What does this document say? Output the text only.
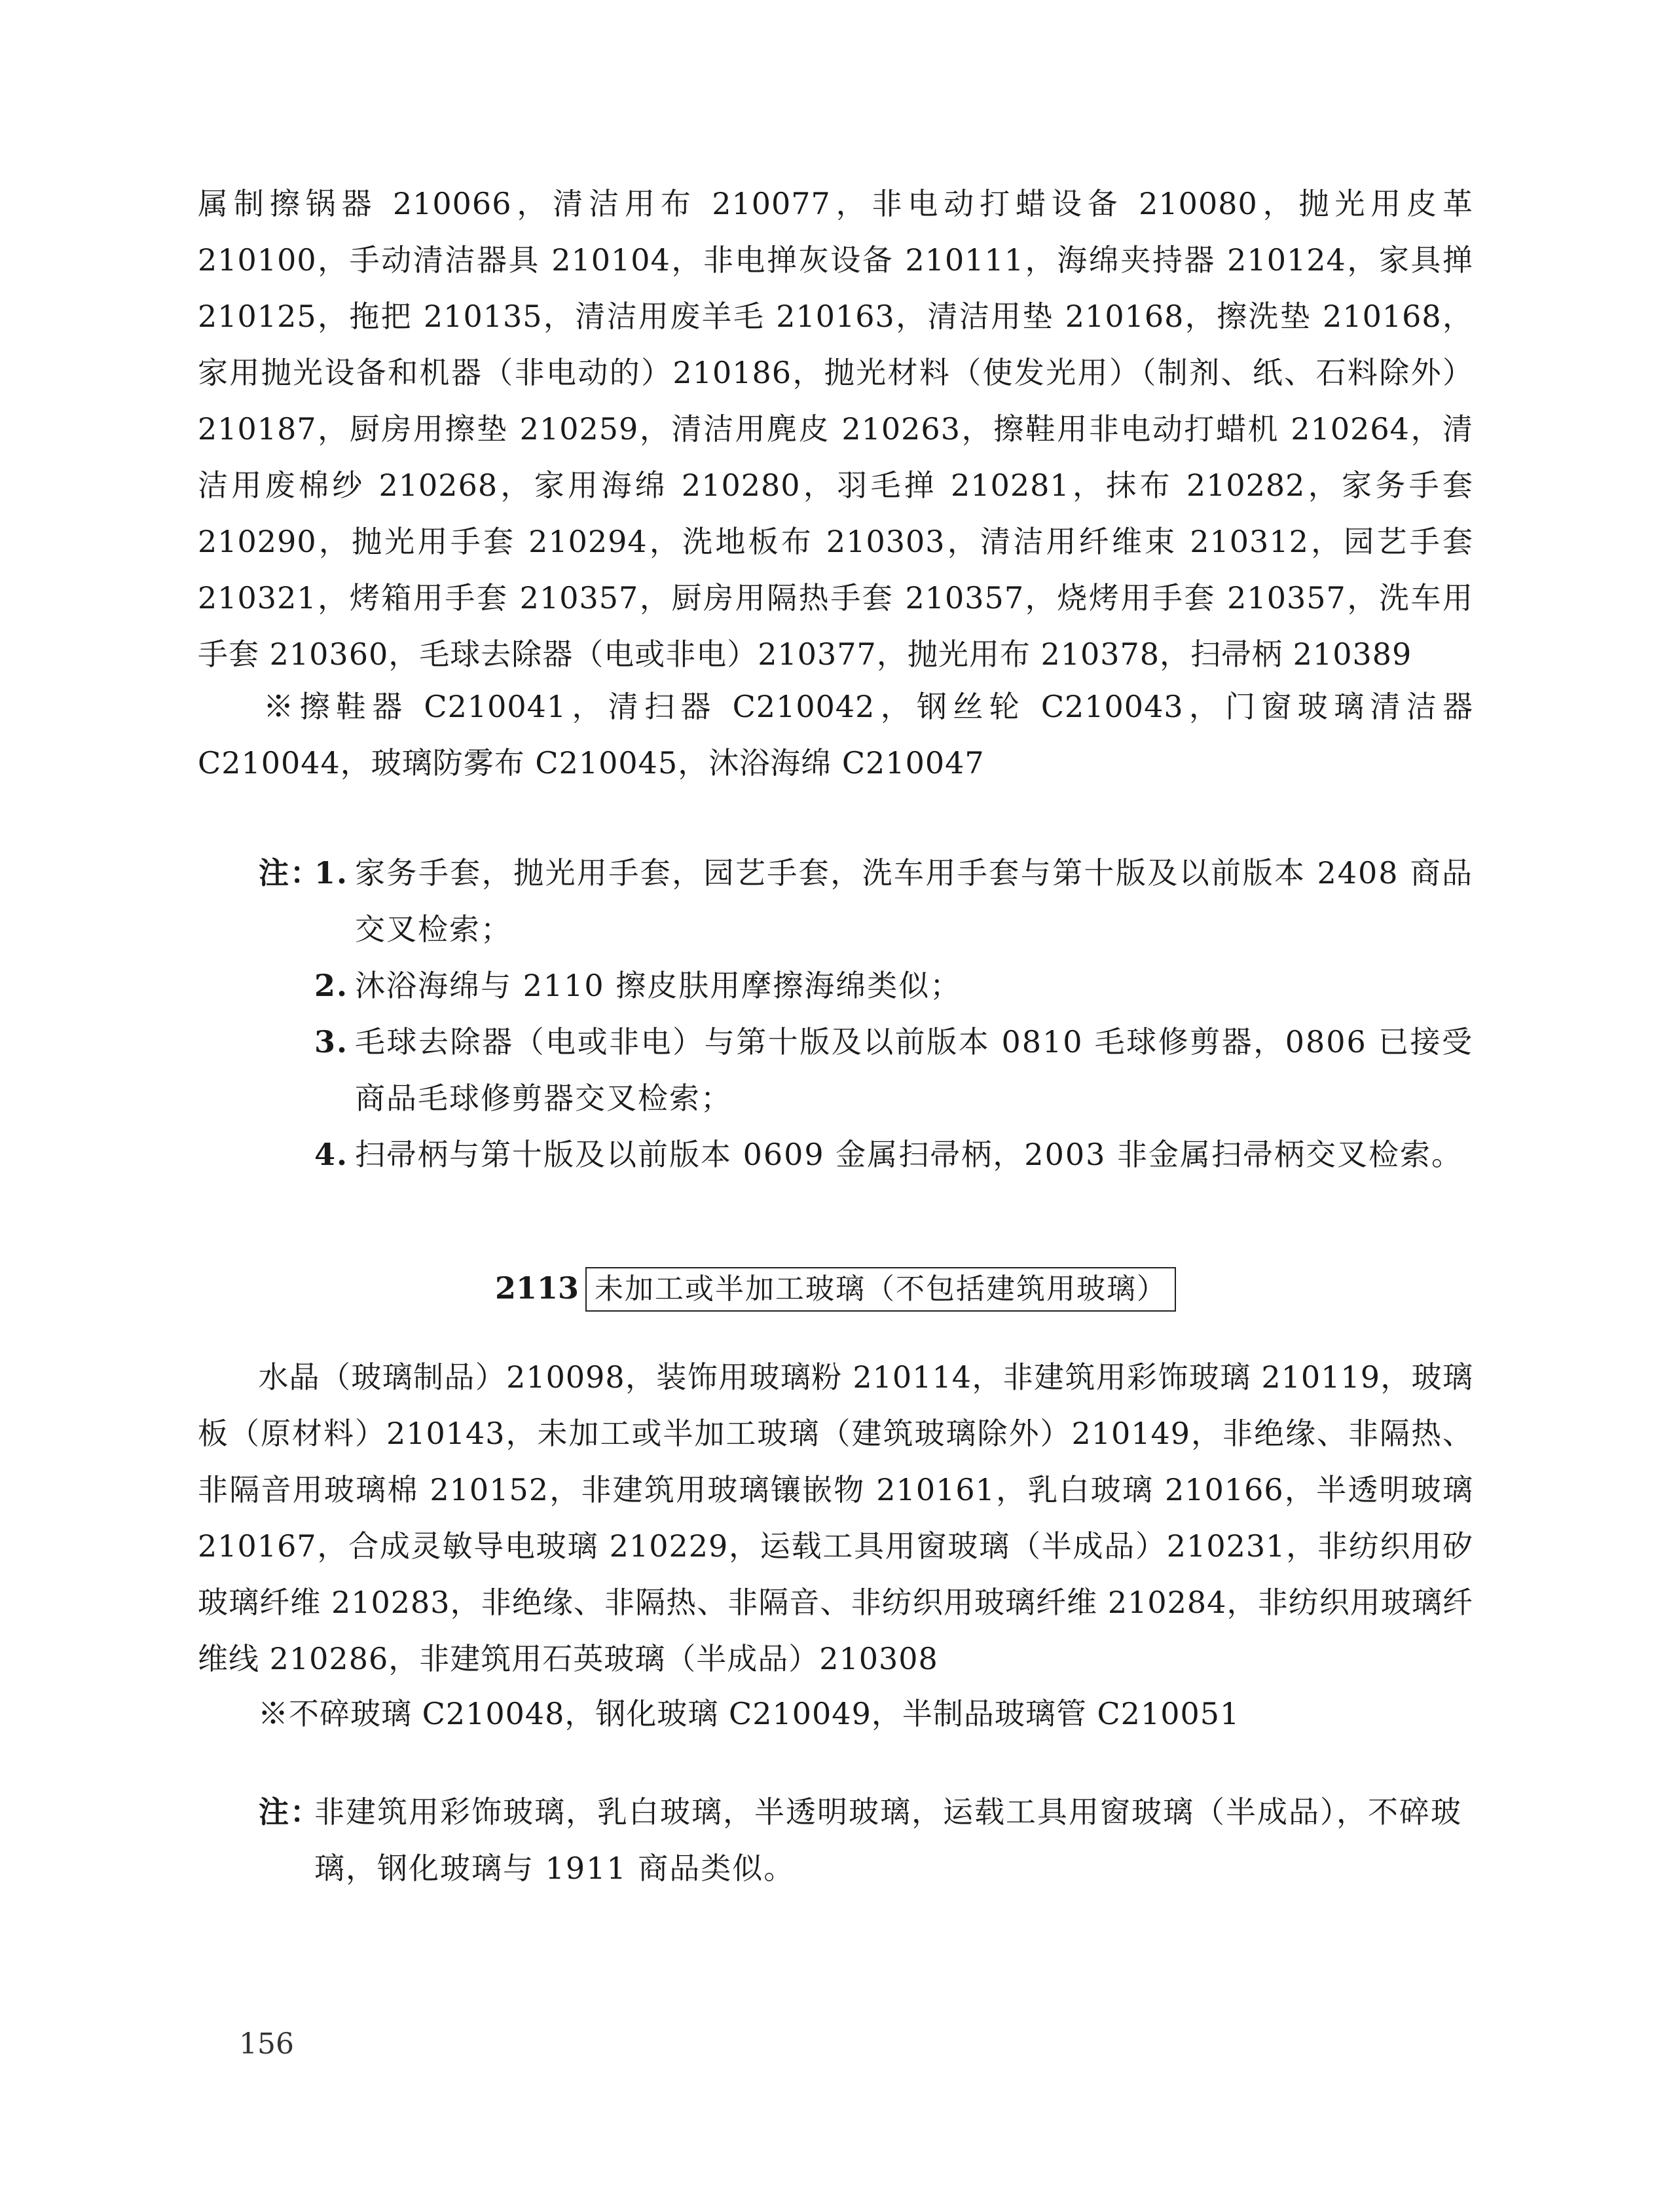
属制擦锅器 210066，清洁用布 210077，非电动打蜡设备 210080，抛光用皮革 210100，手动清洁器具 210104，非电掸灰设备 210111，海绵夹持器 210124，家具掸 210125，拖把 210135，清洁用废羊毛 210163，清洁用垫 210168，擦洗垫 210168，家用抛光设备和机器（非电动的）210186，抛光材料（使发光用）（制剂、纸、石料除外）210187，厨房用擦垫 210259，清洁用麂皮 210263，擦鞋用非电动打蜡机 210264，清洁用废棉纱 210268，家用海绵 210280，羽毛掸 210281，抹布 210282，家务手套 210290，抛光用手套 210294，洗地板布 210303，清洁用纤维束 210312，园艺手套 210321，烤箱用手套 210357，厨房用隔热手套 210357，烧烤用手套 210357，洗车用手套 210360，毛球去除器（电或非电）210377，抛光用布 210378，扫帚柄 210389
※擦鞋器 C210041，清扫器 C210042，钢丝轮 C210043，门窗玻璃清洁器 C210044，玻璃防雾布 C210045，沐浴海绵 C210047
注：
1. 家务手套，抛光用手套，园艺手套，洗车用手套与第十版及以前版本 2408 商品交叉检索；
2. 沐浴海绵与 2110 擦皮肤用摩擦海绵类似；
3. 毛球去除器（电或非电）与第十版及以前版本 0810 毛球修剪器，0806 已接受商品毛球修剪器交叉检索；
4. 扫帚柄与第十版及以前版本 0609 金属扫帚柄，2003 非金属扫帚柄交叉检索。
2113 未加工或半加工玻璃（不包括建筑用玻璃）
水晶（玻璃制品）210098，装饰用玻璃粉 210114，非建筑用彩饰玻璃 210119，玻璃板（原材料）210143，未加工或半加工玻璃（建筑玻璃除外）210149，非绝缘、非隔热、非隔音用玻璃棉 210152，非建筑用玻璃镶嵌物 210161，乳白玻璃 210166，半透明玻璃 210167，合成灵敏导电玻璃 210229，运载工具用窗玻璃（半成品）210231，非纺织用矽玻璃纤维 210283，非绝缘、非隔热、非隔音、非纺织用玻璃纤维 210284，非纺织用玻璃纤维线 210286，非建筑用石英玻璃（半成品）210308
※不碎玻璃 C210048，钢化玻璃 C210049，半制品玻璃管 C210051
注：
非建筑用彩饰玻璃，乳白玻璃，半透明玻璃，运载工具用窗玻璃（半成品），不碎玻
璃，钢化玻璃与 1911 商品类似。
156
